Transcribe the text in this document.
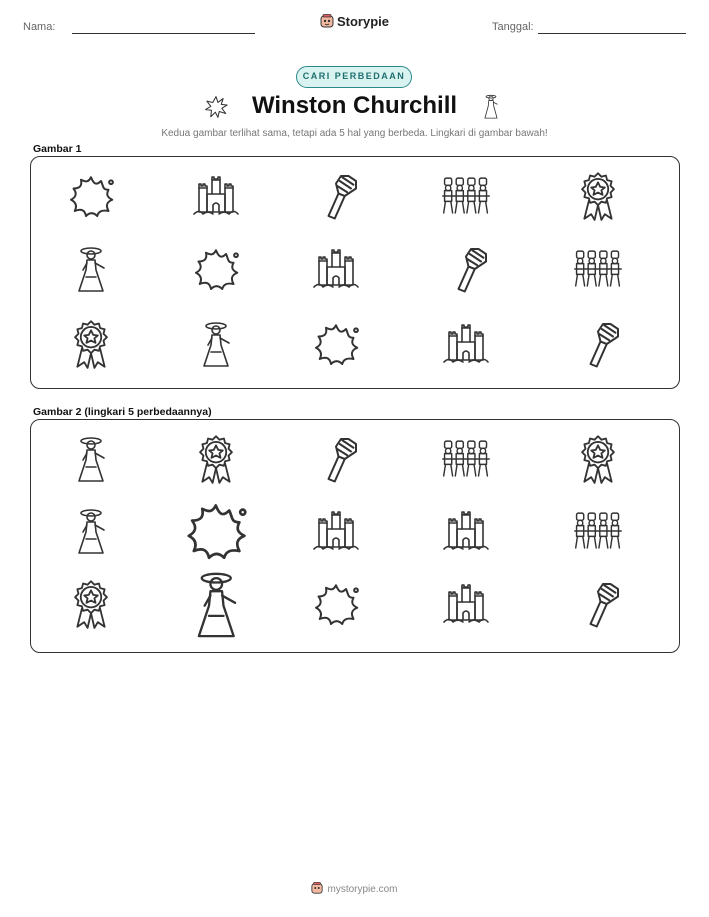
Nama:	Storypie	Tanggal:
CARI PERBEDAAN
Winston Churchill
Kedua gambar terlihat sama, tetapi ada 5 hal yang berbeda. Lingkari di gambar bawah!
Gambar 1
Gambar 2 (lingkari 5 perbedaannya)
mystorypie.com
